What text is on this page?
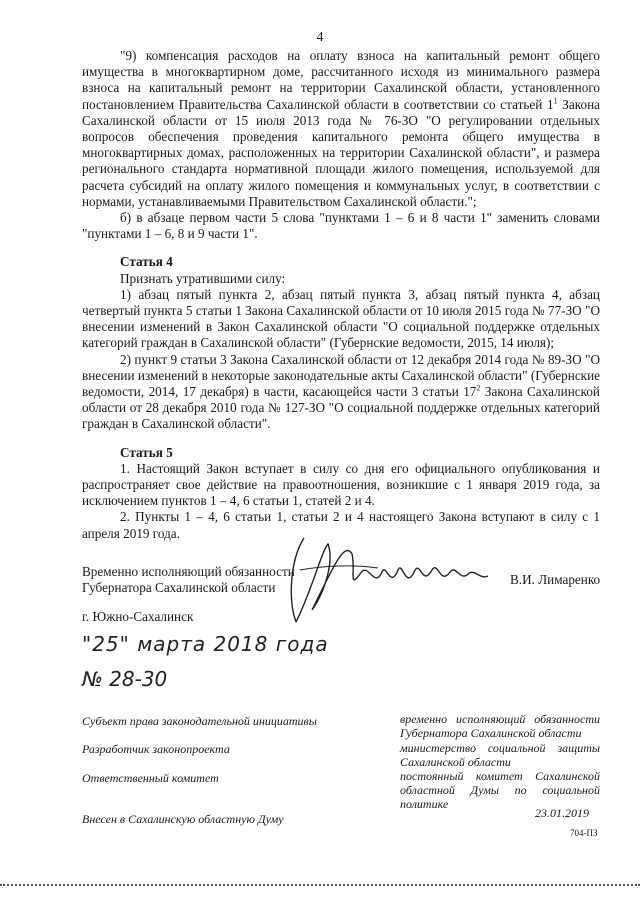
4

"9) компенсация расходов на оплату взноса на капитальный ремонт общего имущества в многоквартирном доме, рассчитанного исходя из минимального размера взноса на капитальный ремонт на территории Сахалинской области, установленного постановлением Правительства Сахалинской области в соответствии со статьей $1^1$ Закона Сахалинской области от 15 июля 2013 года № 76-ЗО "О регулировании отдельных вопросов обеспечения проведения капитального ремонта общего имущества в многоквартирных домах, расположенных на территории Сахалинской области", и размера регионального стандарта нормативной площади жилого помещения, используемой для расчета субсидий на оплату жилого помещения и коммунальных услуг, в соответствии с нормами, устанавливаемыми Правительством Сахалинской области.";

б) в абзаце первом части 5 слова "пунктами 1 – 6 и 8 части 1" заменить словами "пунктами 1 – 6, 8 и 9 части 1".

Статья 4

Признать утратившими силу:

1) абзац пятый пункта 2, абзац пятый пункта 3, абзац пятый пункта 4, абзац четвертый пункта 5 статьи 1 Закона Сахалинской области от 10 июля 2015 года № 77-ЗО "О внесении изменений в Закон Сахалинской области "О социальной поддержке отдельных категорий граждан в Сахалинской области" (Губернские ведомости, 2015, 14 июля);

2) пункт 9 статьи 3 Закона Сахалинской области от 12 декабря 2014 года № 89-ЗО "О внесении изменений в некоторые законодательные акты Сахалинской области" (Губернские ведомости, 2014, 17 декабря) в части, касающейся части 3 статьи $17^2$ Закона Сахалинской области от 28 декабря 2010 года № 127-ЗО "О социальной поддержке отдельных категорий граждан в Сахалинской области".

Статья 5

1. Настоящий Закон вступает в силу со дня его официального опубликования и распространяет свое действие на правоотношения, возникшие с 1 января 2019 года, за исключением пунктов 1 – 4, 6 статьи 1, статей 2 и 4.

2. Пункты 1 – 4, 6 статьи 1, статьи 2 и 4 настоящего Закона вступают в силу с 1 апреля 2019 года.

Временно исполняющий обязанности
Губернатора Сахалинской области
В.И. Лимаренко
г. Южно-Сахалинск
"25" марта 2018 года
№ 28-30
Субъект права законодательной инициативы	временно исполняющий обязанности Губернатора Сахалинской области
Разработчик законопроекта	министерство социальной защиты Сахалинской области
Ответственный комитет	постоянный комитет Сахалинской областной Думы по социальной политике
Внесен в Сахалинскую областную Думу	23.01.2019
704-ПЗ
